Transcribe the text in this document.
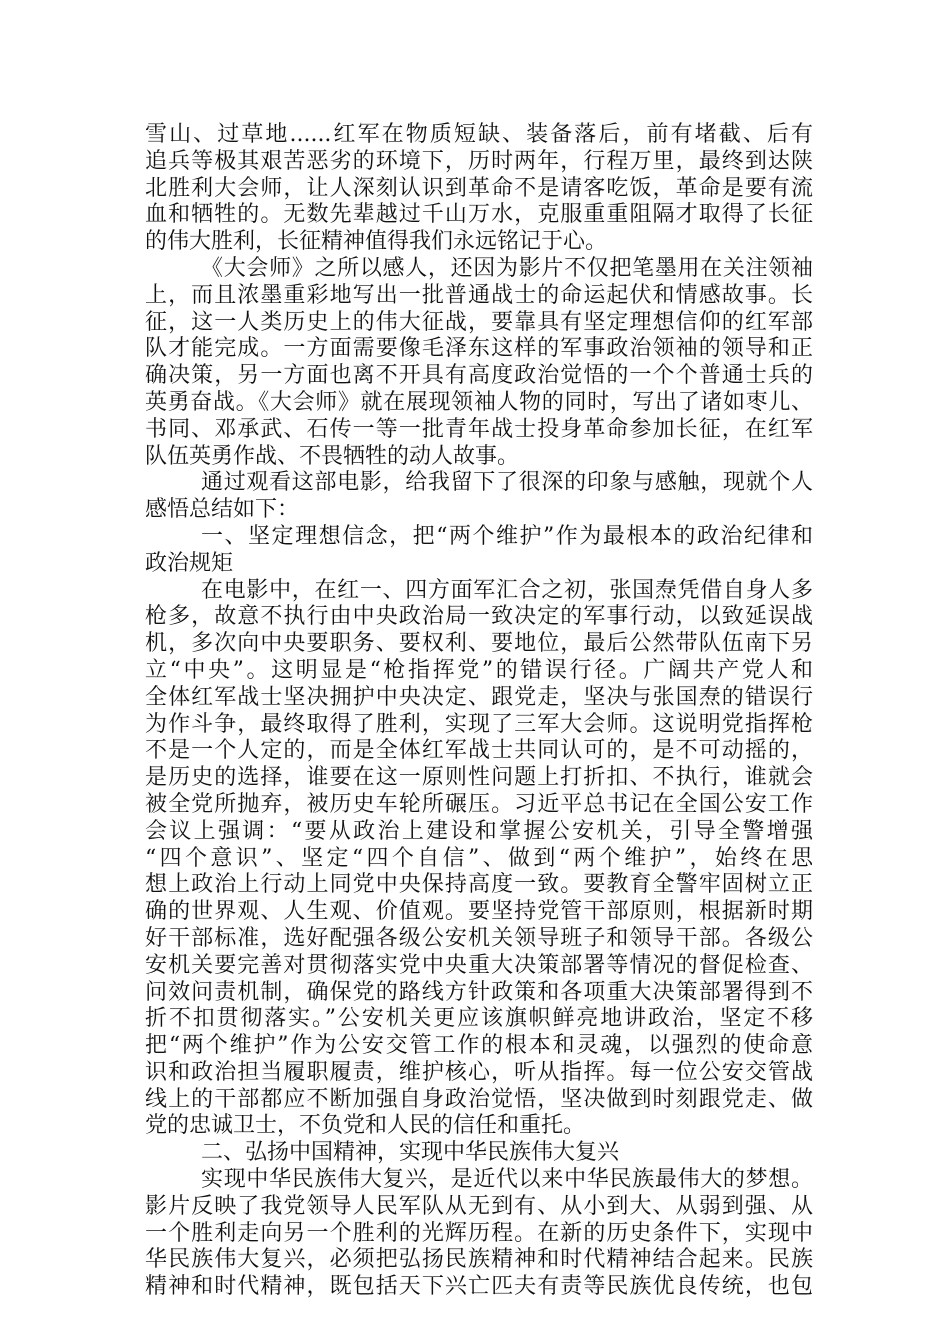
雪山、过草地......红军在物质短缺、装备落后，前有堵截、后有
追兵等极其艰苦恶劣的环境下，历时两年，行程万里，最终到达陕
北胜利大会师，让人深刻认识到革命不是请客吃饭，革命是要有流
血和牺牲的。无数先辈越过千山万水，克服重重阻隔才取得了长征
的伟大胜利，长征精神值得我们永远铭记于心。
《大会师》之所以感人，还因为影片不仅把笔墨用在关注领袖
上，而且浓墨重彩地写出一批普通战士的命运起伏和情感故事。长
征，这一人类历史上的伟大征战，要靠具有坚定理想信仰的红军部
队才能完成。一方面需要像毛泽东这样的军事政治领袖的领导和正
确决策，另一方面也离不开具有高度政治觉悟的一个个普通士兵的
英勇奋战。《大会师》就在展现领袖人物的同时，写出了诸如枣儿、
书同、邓承武、石传一等一批青年战士投身革命参加长征，在红军
队伍英勇作战、不畏牺牲的动人故事。
通过观看这部电影，给我留下了很深的印象与感触，现就个人
感悟总结如下：
一、坚定理想信念，把“两个维护”作为最根本的政治纪律和
政治规矩
在电影中，在红一、四方面军汇合之初，张国焘凭借自身人多
枪多，故意不执行由中央政治局一致决定的军事行动，以致延误战
机，多次向中央要职务、要权利、要地位，最后公然带队伍南下另
立“中央”。这明显是“枪指挥党”的错误行径。广阔共产党人和
全体红军战士坚决拥护中央决定、跟党走，坚决与张国焘的错误行
为作斗争，最终取得了胜利，实现了三军大会师。这说明党指挥枪
不是一个人定的，而是全体红军战士共同认可的，是不可动摇的，
是历史的选择，谁要在这一原则性问题上打折扣、不执行，谁就会
被全党所抛弃，被历史车轮所碾压。习近平总书记在全国公安工作
会议上强调：“要从政治上建设和掌握公安机关，引导全警增强
“四个意识”、坚定“四个自信”、做到“两个维护”，始终在思
想上政治上行动上同党中央保持高度一致。要教育全警牢固树立正
确的世界观、人生观、价值观。要坚持党管干部原则，根据新时期
好干部标准，选好配强各级公安机关领导班子和领导干部。各级公
安机关要完善对贯彻落实党中央重大决策部署等情况的督促检查、
问效问责机制，确保党的路线方针政策和各项重大决策部署得到不
折不扣贯彻落实。”公安机关更应该旗帜鲜亮地讲政治，坚定不移
把“两个维护”作为公安交管工作的根本和灵魂，以强烈的使命意
识和政治担当履职履责，维护核心，听从指挥。每一位公安交管战
线上的干部都应不断加强自身政治觉悟，坚决做到时刻跟党走、做
党的忠诚卫士，不负党和人民的信任和重托。
二、弘扬中国精神，实现中华民族伟大复兴
实现中华民族伟大复兴，是近代以来中华民族最伟大的梦想。
影片反映了我党领导人民军队从无到有、从小到大、从弱到强、从
一个胜利走向另一个胜利的光辉历程。在新的历史条件下，实现中
华民族伟大复兴，必须把弘扬民族精神和时代精神结合起来。民族
精神和时代精神，既包括天下兴亡匹夫有责等民族优良传统，也包
